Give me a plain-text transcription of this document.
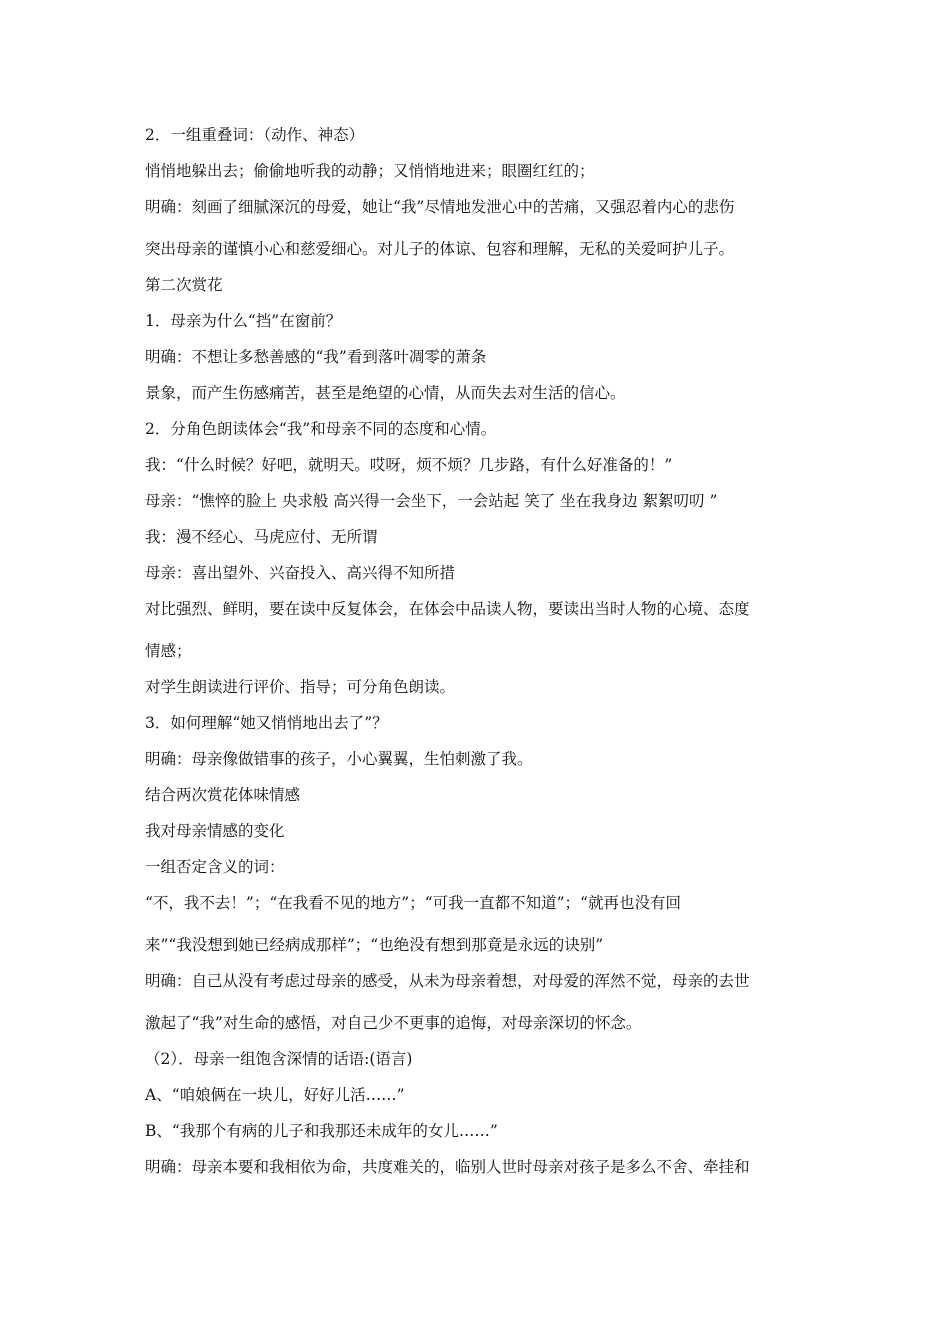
2．一组重叠词：（动作、神态）
悄悄地躲出去；偷偷地听我的动静；又悄悄地进来；眼圈红红的；
明确：刻画了细腻深沉的母爱，她让“我”尽情地发泄心中的苦痛，又强忍着内心的悲伤
突出母亲的谨慎小心和慈爱细心。对儿子的体谅、包容和理解，无私的关爱呵护儿子。
第二次赏花
1．母亲为什么“挡”在窗前？
明确：不想让多愁善感的“我”看到落叶凋零的萧条
景象，而产生伤感痛苦，甚至是绝望的心情，从而失去对生活的信心。
2．分角色朗读体会“我”和母亲不同的态度和心情。
我：“什么时候？好吧，就明天。哎呀，烦不烦？几步路，有什么好准备的！”
母亲：“憔悴的脸上 央求般 高兴得一会坐下，一会站起 笑了 坐在我身边 絮絮叨叨 ”
我：漫不经心、马虎应付、无所谓
母亲：喜出望外、兴奋投入、高兴得不知所措
对比强烈、鲜明，要在读中反复体会，在体会中品读人物，要读出当时人物的心境、态度
情感；
对学生朗读进行评价、指导；可分角色朗读。
3．如何理解“她又悄悄地出去了”？
明确：母亲像做错事的孩子，小心翼翼，生怕刺激了我。
结合两次赏花体味情感
我对母亲情感的变化
一组否定含义的词：
“不，我不去！”；“在我看不见的地方”；“可我一直都不知道”；“就再也没有回
来”“我没想到她已经病成那样”；“也绝没有想到那竟是永远的诀别”
明确：自己从没有考虑过母亲的感受，从未为母亲着想，对母爱的浑然不觉，母亲的去世
激起了“我”对生命的感悟，对自己少不更事的追悔，对母亲深切的怀念。
（2）．母亲一组饱含深情的话语:(语言)
A、“咱娘俩在一块儿，好好儿活……”
B、“我那个有病的儿子和我那还未成年的女儿……”
明确：母亲本要和我相依为命，共度难关的，临别人世时母亲对孩子是多么不舍、牵挂和
